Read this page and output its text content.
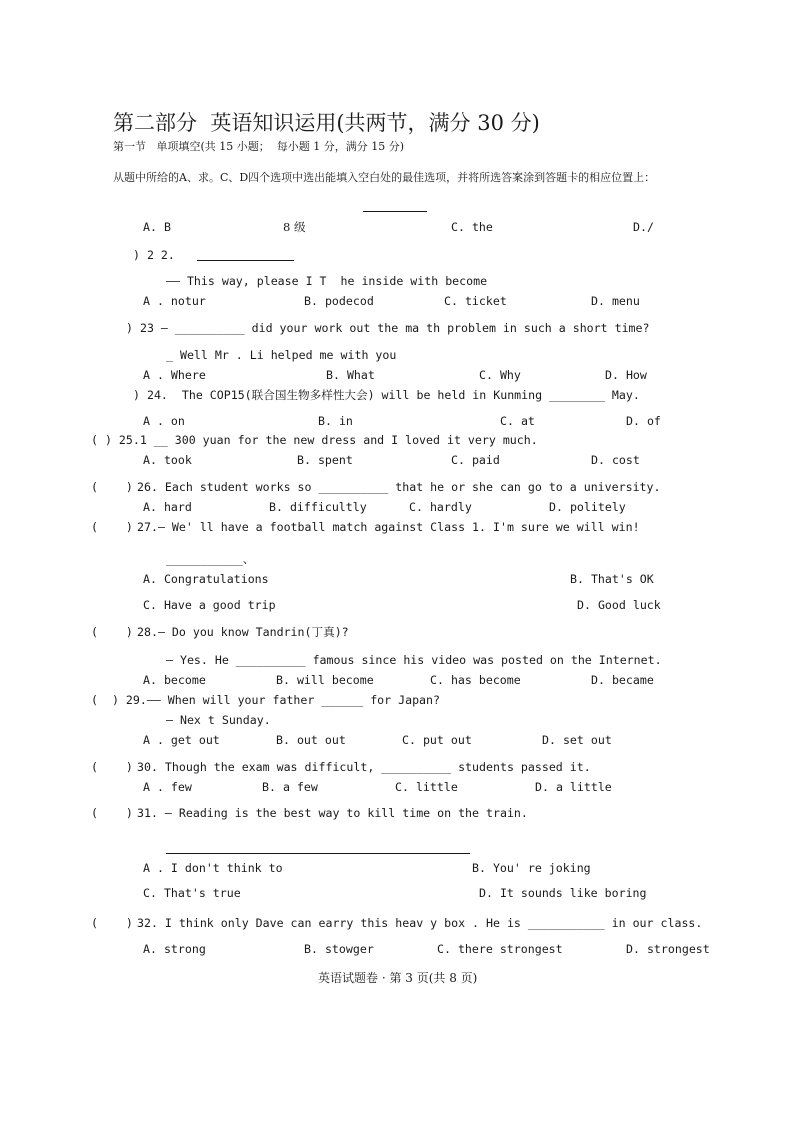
第二部分  英语知识运用(共两节，满分 30 分)
第一节   单项填空(共 15 小题；  每小题 1 分，满分 15 分)
从题中所给的A、求。C、D四个选项中选出能填入空白处的最佳选项，并将所选答案涂到答题卡的相应位置上：
A. B	8 级	C. the	D./
) 2 2.
—— This way, please I T  he inside with become
A . notur	B. podecod	C. ticket	D. menu
) 23 — __________ did your work out the ma th problem in such a short time?
_ Well Mr . Li helped me with you
A . Where	B. What	C. Why	D. How
) 24.  The COP15(联合国生物多样性大会) will be held in Kunming ________ May.
A . on	B. in	C. at	D. of
( ) 25.1 __ 300 yuan for the new dress and I loved it very much.
A. took	B. spent	C. paid	D. cost
(    ) 26. Each student works so __________ that he or she can go to a university.
A. hard	B. difficultly	C. hardly	D. politely
(    ) 27.— We' ll have a football match against Class 1. I'm sure we will win!
___________、
A. Congratulations	B. That's OK
C. Have a good trip	D. Good luck
(    ) 28.— Do you know Tandrin(丁真)?
— Yes. He __________ famous since his video was posted on the Internet.
A. become	B. will become	C. has become	D. became
(  ) 29.—— When will your father ______ for Japan?
— Nex t Sunday.
A . get out	B. out out	C. put out	D. set out
(    ) 30. Though the exam was difficult, __________ students passed it.
A . few	B. a few	C. little	D. a little
(    ) 31. — Reading is the best way to kill time on the train.
A . I don't think to	B. You' re joking
C. That's true	D. It sounds like boring
(    ) 32. I think only Dave can earry this heav y box . He is ___________ in our class.
A. strong	B. stowger	C. there strongest	D. strongest
英语试题卷 · 第 3 页(共 8 页)
